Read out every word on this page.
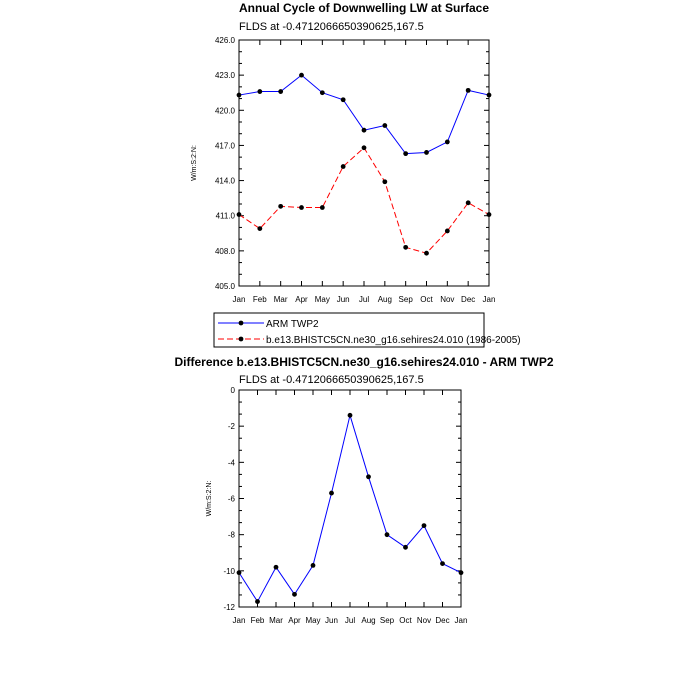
Annual Cycle of Downwelling LW at Surface
FLDS at -0.4712066650390625,167.5
405.0
408.0
411.0
414.0
417.0
420.0
423.0
426.0
Jan Feb Mar Apr May Jun Jul Aug Sep Oct Nov Dec Jan
W/m:S:2:N:
ARM TWP2
b.e13.BHISTC5CN.ne30_g16.sehires24.010 (1986-2005)
Difference b.e13.BHISTC5CN.ne30_g16.sehires24.010 - ARM TWP2
FLDS at -0.4712066650390625,167.5
-12
-10
-8
-6
-4
-2
0
Jan Feb Mar Apr May Jun Jul Aug Sep Oct Nov Dec Jan
W/m:S:2:N:
